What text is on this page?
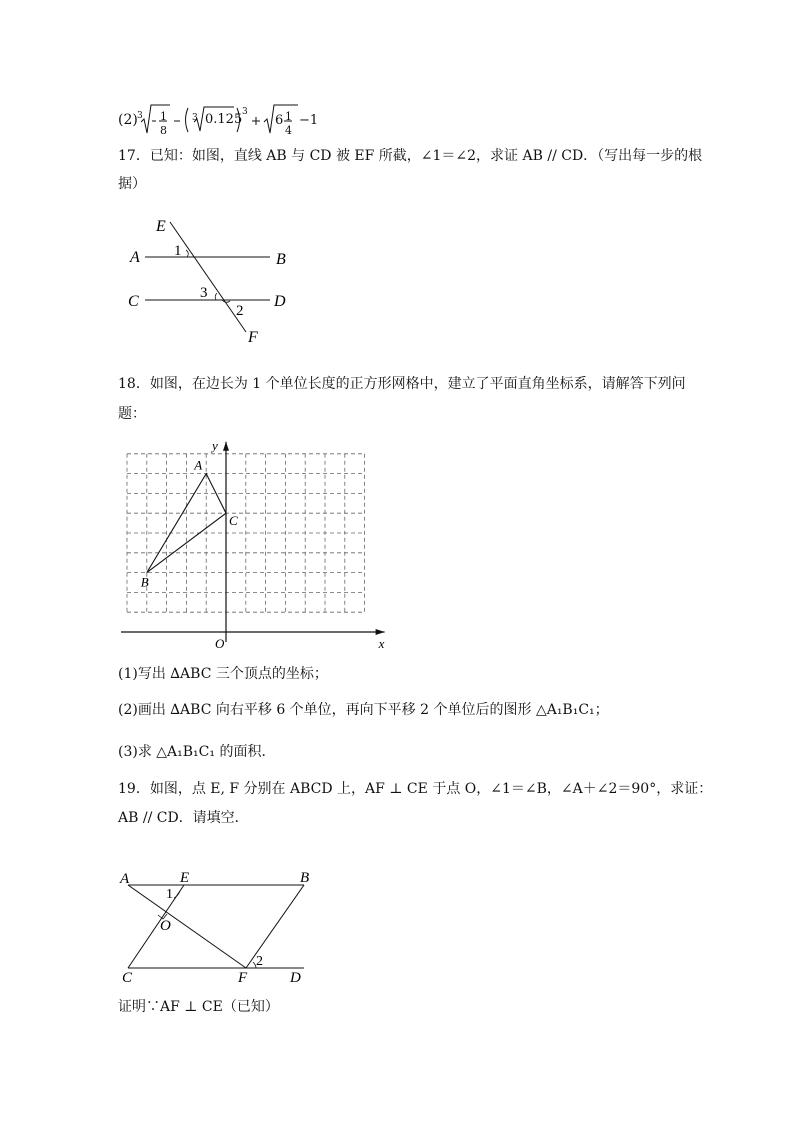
(2) 3 1
8
3 0.125 3
6 1
4
−1
17．已知：如图，直线 AB 与 CD 被 EF 所截，∠1＝∠2，求证 AB // CD．（写出每一步的根
据）
E
A 1	B
C	3	D
2
F
18．如图，在边长为 1 个单位长度的正方形网格中，建立了平面直角坐标系，请解答下列问
题：
x
y
O
A
B
C
(1)写出 ∆ABC 三个顶点的坐标；
(2)画出 ∆ABC 向右平移 6 个单位，再向下平移 2 个单位后的图形 △A₁B₁C₁；
(3)求 △A₁B₁C₁ 的面积．
19．如图，点 E, F 分别在 ABCD 上，AF ⊥ CE 于点 O，∠1＝∠B，∠A＋∠2＝90°，求证：
AB // CD．请填空．
A	E
1
B
O
2
C	F	D
证明∵AF ⊥ CE（已知）
